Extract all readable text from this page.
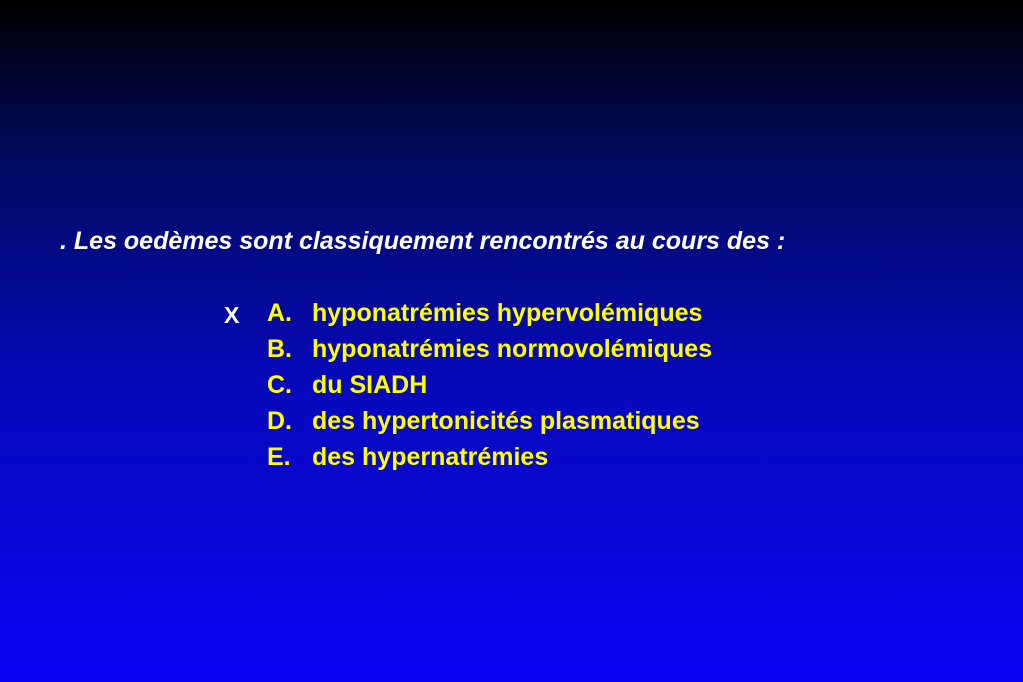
. Les oedèmes sont classiquement rencontrés au cours des :

X A. hyponatrémies hypervolémiques
B. hyponatrémies normovolémiques
C. du SIADH
D. des hypertonicités plasmatiques
E. des hypernatrémies
